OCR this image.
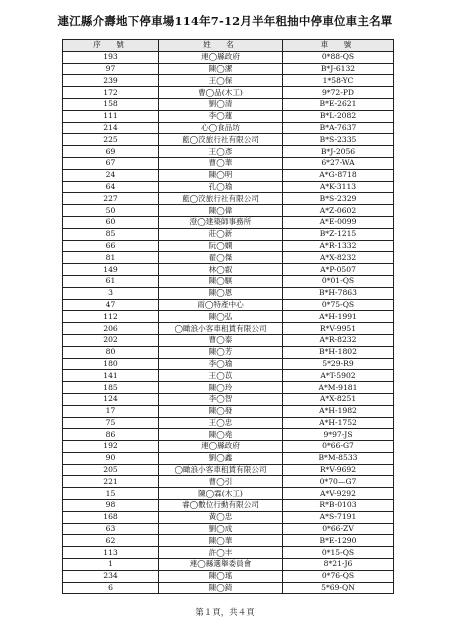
連江縣介壽地下停車場114年7-12月半年租抽中停車位車主名單
序　號	姓　名	車　號
193	連◯縣政府	0*88-QS
97	陳◯潔	B*J-6132
239	王◯保	1*58-YC
172	曹◯品(木工)	9*72-PD
158	劉◯清	B*E-2621
111	李◯蓮	B*L-2082
214	心◯食品坊	B*A-7637
225	藍◯洨旅行社有限公司	B*S-2335
69	王◯彥	B*J-2056
67	曹◯華	6*27-WA
24	陳◯明	A*G-8718
64	孔◯瑜	A*K-3113
227	藍◯洨旅行社有限公司	B*S-2329
50	陳◯偉	A*Z-0602
60	澄◯建築師事務所	A*E-0099
85	莊◯新	B*Z-1215
66	阮◯嫻	A*R-1332
81	翟◯傑	A*X-8232
149	林◯叡	A*P-0507
61	陳◯騏	0*01-QS
3	陳◯恩	B*H-7863
47	雨◯特產中心	0*75-QS
112	陳◯弘	A*H-1991
206	◯瞰浪小客車租賃有限公司	R*V-9951
202	曹◯泰	A*R-8232
80	陳◯芳	B*H-1802
180	李◯瑜	5*29-R9
141	王◯苡	A*T-5902
185	陳◯玲	A*M-9181
124	李◯智	A*X-8251
17	陳◯發	A*H-1982
75	王◯忠	A*H-1752
86	陳◯堯	9*97-JS
192	連◯縣政府	0*66-G7
90	劉◯鑫	B*M-8533
205	◯瞰浪小客車租賃有限公司	R*V-9692
221	曹◯引	0*70—G7
15	陳◯霖(木工)	A*V-9292
98	睿◯數位行動有限公司	R*B-0103
168	黃◯忠	A*S-7191
63	劉◯成	0*66-ZV
62	陳◯華	B*E-1290
113	許◯丰	0*15-QS
1	連◯縣選舉委員會	8*21-J6
234	陳◯瑤	0*76-QS
6	陳◯錡	5*69-QN
第１頁，共４頁
